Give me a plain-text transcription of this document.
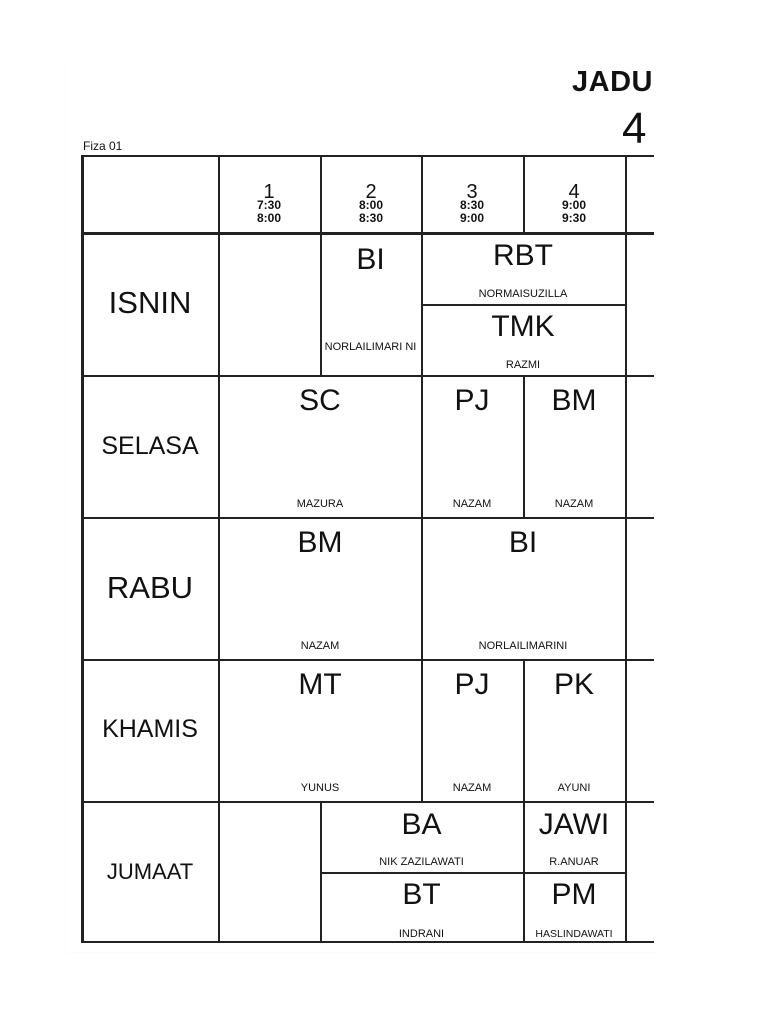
JADU
4
Fiza 01
1
7:30
8:00
2
8:00
8:30
3
8:30
9:00
4
9:00
9:30
ISNIN
SELASA
RABU
KHAMIS
JUMAAT
BI
NORLAILIMARI NI
RBT
NORMAISUZILLA
TMK
RAZMI
SC
MAZURA
PJ
NAZAM
BM
NAZAM
BM
NAZAM
BI
NORLAILIMARINI
MT
YUNUS
PJ
NAZAM
PK
AYUNI
BA
NIK ZAZILAWATI
JAWI
R.ANUAR
BT
INDRANI
PM
HASLINDAWATI
